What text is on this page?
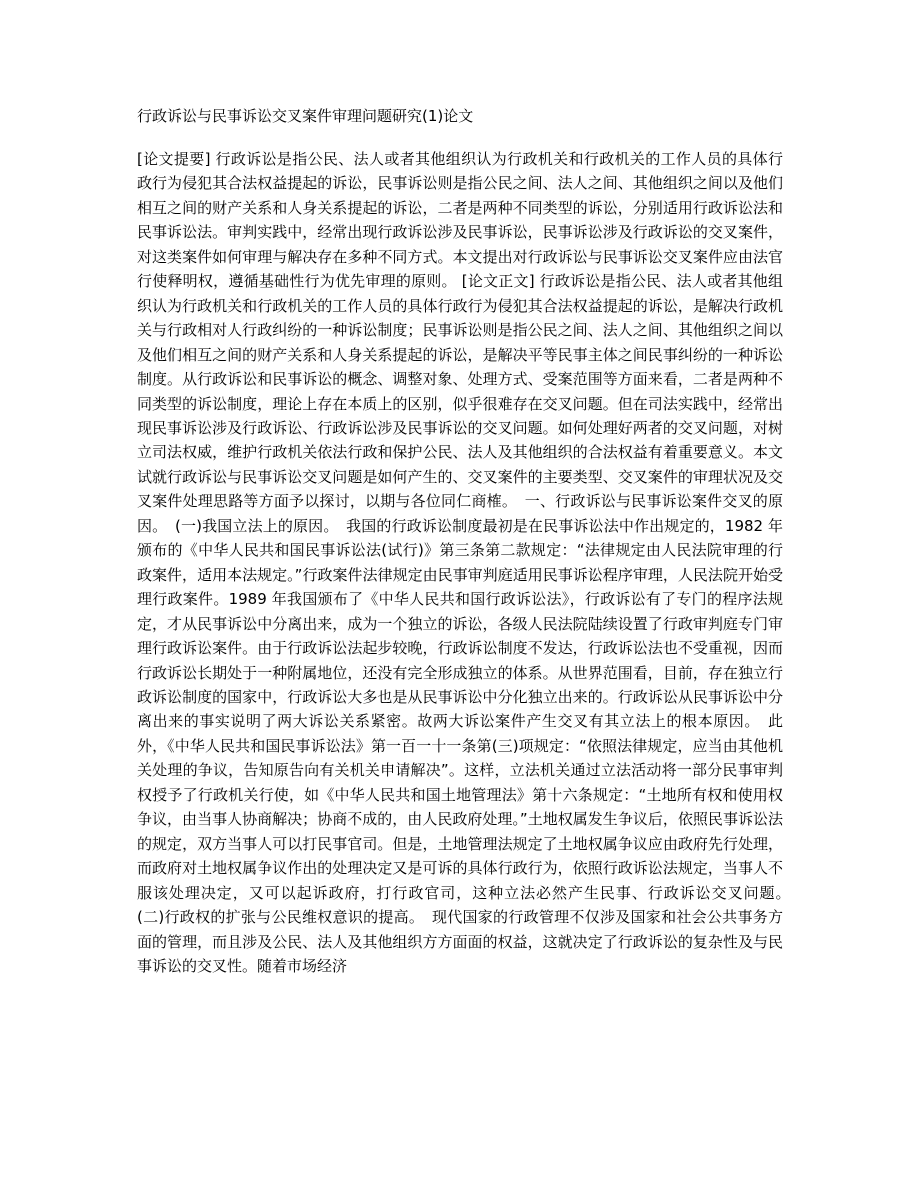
行政诉讼与民事诉讼交叉案件审理问题研究(1)论文

[论文提要] 行政诉讼是指公民、法人或者其他组织认为行政机关和行政机关的工作人员的具体行政行为侵犯其合法权益提起的诉讼，民事诉讼则是指公民之间、法人之间、其他组织之间以及他们相互之间的财产关系和人身关系提起的诉讼，二者是两种不同类型的诉讼，分别适用行政诉讼法和民事诉讼法。审判实践中，经常出现行政诉讼涉及民事诉讼，民事诉讼涉及行政诉讼的交叉案件，对这类案件如何审理与解决存在多种不同方式。本文提出对行政诉讼与民事诉讼交叉案件应由法官行使释明权，遵循基础性行为优先审理的原则。 [论文正文] 行政诉讼是指公民、法人或者其他组织认为行政机关和行政机关的工作人员的具体行政行为侵犯其合法权益提起的诉讼，是解决行政机关与行政相对人行政纠纷的一种诉讼制度；民事诉讼则是指公民之间、法人之间、其他组织之间以及他们相互之间的财产关系和人身关系提起的诉讼，是解决平等民事主体之间民事纠纷的一种诉讼制度。从行政诉讼和民事诉讼的概念、调整对象、处理方式、受案范围等方面来看，二者是两种不同类型的诉讼制度，理论上存在本质上的区别，似乎很难存在交叉问题。但在司法实践中，经常出现民事诉讼涉及行政诉讼、行政诉讼涉及民事诉讼的交叉问题。如何处理好两者的交叉问题，对树立司法权威，维护行政机关依法行政和保护公民、法人及其他组织的合法权益有着重要意义。本文试就行政诉讼与民事诉讼交叉问题是如何产生的、交叉案件的主要类型、交叉案件的审理状况及交叉案件处理思路等方面予以探讨，以期与各位同仁商榷。　一、行政诉讼与民事诉讼案件交叉的原因。　(一)我国立法上的原因。　我国的行政诉讼制度最初是在民事诉讼法中作出规定的，1982 年颁布的《中华人民共和国民事诉讼法(试行)》第三条第二款规定：“法律规定由人民法院审理的行政案件，适用本法规定。”行政案件法律规定由民事审判庭适用民事诉讼程序审理，人民法院开始受理行政案件。1989 年我国颁布了《中华人民共和国行政诉讼法》，行政诉讼有了专门的程序法规定，才从民事诉讼中分离出来，成为一个独立的诉讼，各级人民法院陆续设置了行政审判庭专门审理行政诉讼案件。由于行政诉讼法起步较晚，行政诉讼制度不发达，行政诉讼法也不受重视，因而行政诉讼长期处于一种附属地位，还没有完全形成独立的体系。从世界范围看，目前，存在独立行政诉讼制度的国家中，行政诉讼大多也是从民事诉讼中分化独立出来的。行政诉讼从民事诉讼中分离出来的事实说明了两大诉讼关系紧密。故两大诉讼案件产生交叉有其立法上的根本原因。　此外，《中华人民共和国民事诉讼法》第一百一十一条第(三)项规定：“依照法律规定，应当由其他机关处理的争议，告知原告向有关机关申请解决”。这样，立法机关通过立法活动将一部分民事审判权授予了行政机关行使，如《中华人民共和国土地管理法》第十六条规定：“土地所有权和使用权争议，由当事人协商解决；协商不成的，由人民政府处理。”土地权属发生争议后，依照民事诉讼法的规定，双方当事人可以打民事官司。但是，土地管理法规定了土地权属争议应由政府先行处理，而政府对土地权属争议作出的处理决定又是可诉的具体行政行为，依照行政诉讼法规定，当事人不服该处理决定，又可以起诉政府，打行政官司，这种立法必然产生民事、行政诉讼交叉问题。　(二)行政权的扩张与公民维权意识的提高。　现代国家的行政管理不仅涉及国家和社会公共事务方面的管理，而且涉及公民、法人及其他组织方方面面的权益，这就决定了行政诉讼的复杂性及与民事诉讼的交叉性。随着市场经济
